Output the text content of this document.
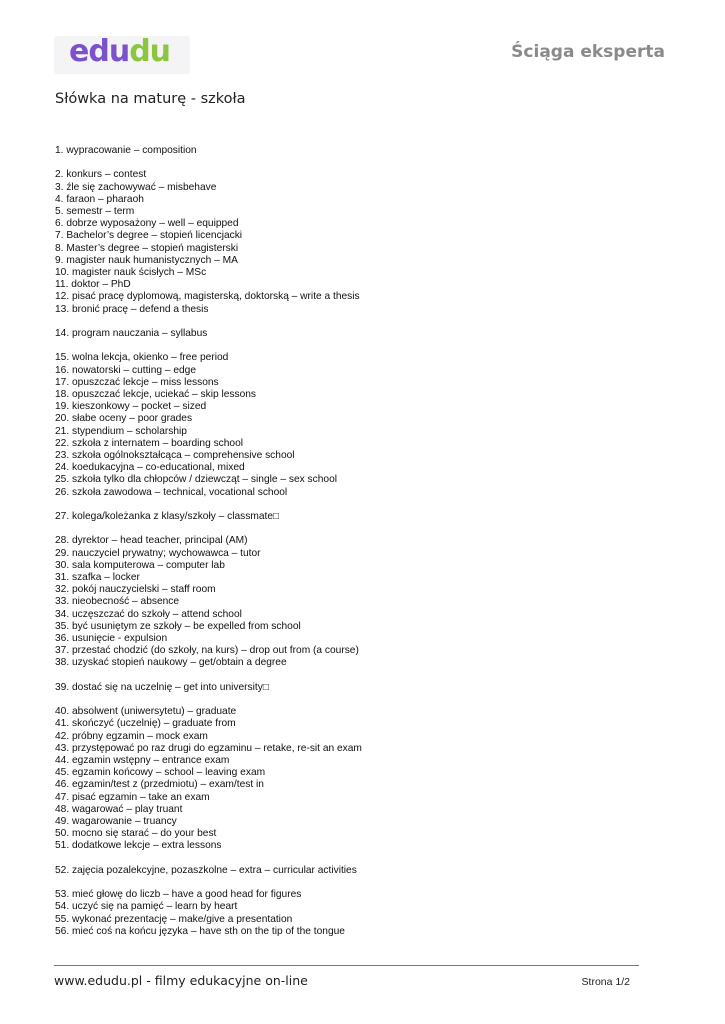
edudu	Ściąga eksperta
Słówka na maturę - szkoła
1. wypracowanie – composition
2. konkurs – contest
3. źle się zachowywać – misbehave
4. faraon – pharaoh
5. semestr – term
6. dobrze wyposażony – well – equipped
7. Bachelor’s degree – stopień licencjacki
8. Master’s degree – stopień magisterski
9. magister nauk humanistycznych – MA
10. magister nauk ścisłych – MSc
11. doktor – PhD
12. pisać pracę dyplomową, magisterską, doktorską – write a thesis
13. bronić pracę – defend a thesis
14. program nauczania – syllabus
15. wolna lekcja, okienko – free period
16. nowatorski – cutting – edge
17. opuszczać lekcje – miss lessons
18. opuszczać lekcje, uciekać – skip lessons
19. kieszonkowy – pocket – sized
20. słabe oceny – poor grades
21. stypendium – scholarship
22. szkoła z internatem – boarding school
23. szkoła ogólnokształcąca – comprehensive school
24. koedukacyjna – co-educational, mixed
25. szkoła tylko dla chłopców / dziewcząt – single – sex school
26. szkoła zawodowa – technical, vocational school
27. kolega/koleżanka z klasy/szkoły – classmate□
28. dyrektor – head teacher, principal (AM)
29. nauczyciel prywatny; wychowawca – tutor
30. sala komputerowa – computer lab
31. szafka – locker
32. pokój nauczycielski – staff room
33. nieobecność – absence
34. uczęszczać do szkoły – attend school
35. być usuniętym ze szkoły – be expelled from school
36. usunięcie - expulsion
37. przestać chodzić (do szkoły, na kurs) – drop out from (a course)
38. uzyskać stopień naukowy – get/obtain a degree
39. dostać się na uczelnię – get into university□
40. absolwent (uniwersytetu) – graduate
41. skończyć (uczelnię) – graduate from
42. próbny egzamin – mock exam
43. przystępować po raz drugi do egzaminu – retake, re-sit an exam
44. egzamin wstępny – entrance exam
45. egzamin końcowy – school – leaving exam
46. egzamin/test z (przedmiotu) – exam/test in
47. pisać egzamin – take an exam
48. wagarować – play truant
49. wagarowanie – truancy
50. mocno się starać – do your best
51. dodatkowe lekcje – extra lessons
52. zajęcia pozalekcyjne, pozaszkolne – extra – curricular activities
53. mieć głowę do liczb – have a good head for figures
54. uczyć się na pamięć – learn by heart
55. wykonać prezentację – make/give a presentation
56. mieć coś na końcu języka – have sth on the tip of the tongue
www.edudu.pl - filmy edukacyjne on-line	Strona 1/2
